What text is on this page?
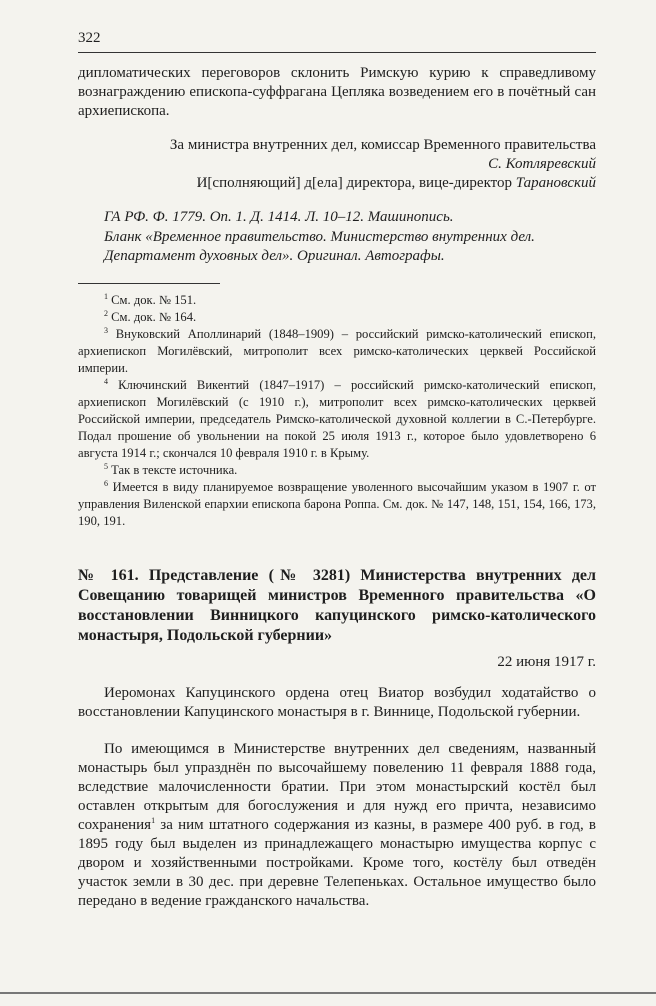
322
дипломатических переговоров склонить Римскую курию к справедливому вознаграждению епископа-суффрагана Цепляка возведением его в почётный сан архиепископа.
За министра внутренних дел, комиссар Временного правительства
С. Котляревский
И[сполняющий] д[ела] директора, вице-директор Тарановский
ГА РФ. Ф. 1779. Оп. 1. Д. 1414. Л. 10–12. Машинопись.
Бланк «Временное правительство. Министерство внутренних дел.
Департамент духовных дел». Оригинал. Автографы.

$^1$ См. док. № 151.

$^2$ См. док. № 164.

$^3$ Внуковский Аполлинарий (1848–1909) – российский римско-католический епископ, архиепископ Могилёвский, митрополит всех римско-католических церквей Российской империи.

$^4$ Ключинский Викентий (1847–1917) – российский римско-католический епископ, архиепископ Могилёвский (с 1910 г.), митрополит всех римско-католических церквей Российской империи, председатель Римско-католической духовной коллегии в С.-Петербурге. Подал прошение об увольнении на покой 25 июля 1913 г., которое было удовлетворено 6 августа 1914 г.; скончался 10 февраля 1910 г. в Крыму.

$^5$ Так в тексте источника.

$^6$ Имеется в виду планируемое возвращение уволенного высочайшим указом в 1907 г. от управления Виленской епархии епископа барона Роппа. См. док. № 147, 148, 151, 154, 166, 173, 190, 191.

№ 161. Представление (№ 3281) Министерства внутренних дел Совещанию товарищей министров Временного правительства «О восстановлении Винницкого капуцинского римско-католического монастыря, Подольской губернии»
22 июня 1917 г.
Иеромонах Капуцинского ордена отец Виатор возбудил ходатайство о восстановлении Капуцинского монастыря в г. Виннице, Подольской губернии.
По имеющимся в Министерстве внутренних дел сведениям, названный монастырь был упразднён по высочайшему повелению 11 февраля 1888 года, вследствие малочисленности братии. При этом монастырский костёл был оставлен открытым для богослужения и для нужд его причта, независимо сохранения$^1$ за ним штатного содержания из казны, в размере 400 руб. в год, в 1895 году был выделен из принадлежащего монастырю имущества корпус с двором и хозяйственными постройками. Кроме того, костёлу был отведён участок земли в 30 дес. при деревне Телепеньках. Остальное имущество было передано в ведение гражданского начальства.
